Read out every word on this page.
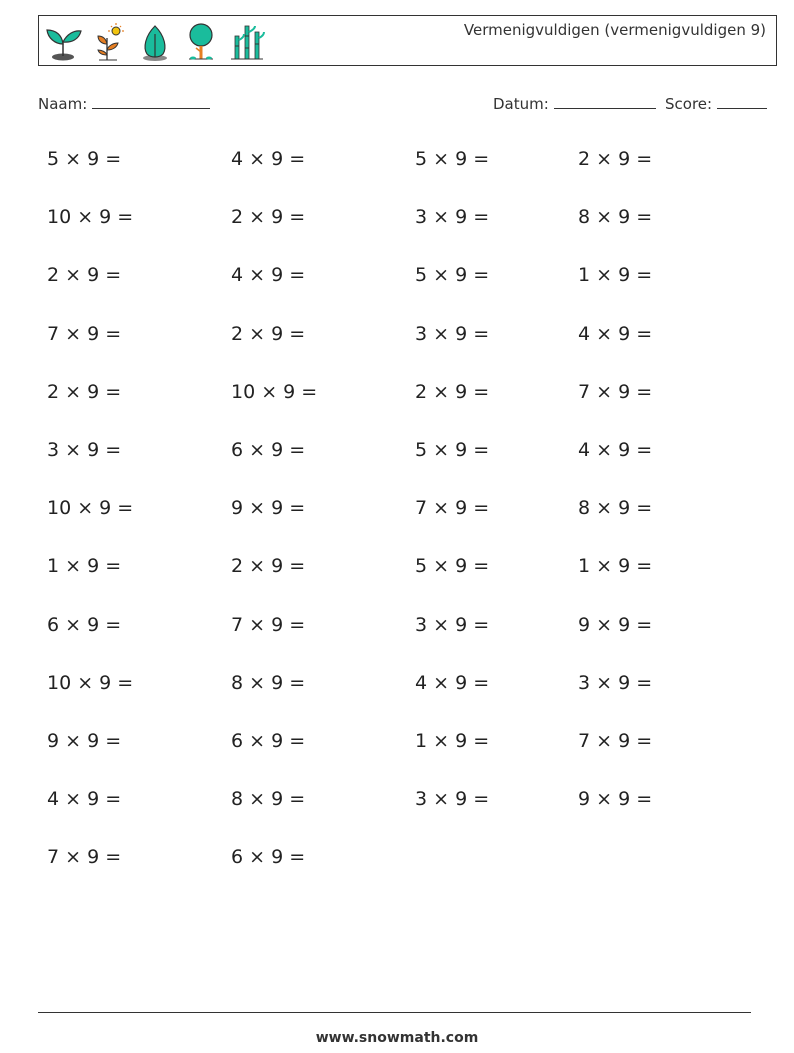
Vermenigvuldigen (vermenigvuldigen 9)
Naam:	Datum:	Score:
5 × 9 =	4 × 9 =	5 × 9 =	2 × 9 =
10 × 9 =	2 × 9 =	3 × 9 =	8 × 9 =
2 × 9 =	4 × 9 =	5 × 9 =	1 × 9 =
7 × 9 =	2 × 9 =	3 × 9 =	4 × 9 =
2 × 9 =	10 × 9 =	2 × 9 =	7 × 9 =
3 × 9 =	6 × 9 =	5 × 9 =	4 × 9 =
10 × 9 =	9 × 9 =	7 × 9 =	8 × 9 =
1 × 9 =	2 × 9 =	5 × 9 =	1 × 9 =
6 × 9 =	7 × 9 =	3 × 9 =	9 × 9 =
10 × 9 =	8 × 9 =	4 × 9 =	3 × 9 =
9 × 9 =	6 × 9 =	1 × 9 =	7 × 9 =
4 × 9 =	8 × 9 =	3 × 9 =	9 × 9 =
7 × 9 =	6 × 9 =
www.snowmath.com
